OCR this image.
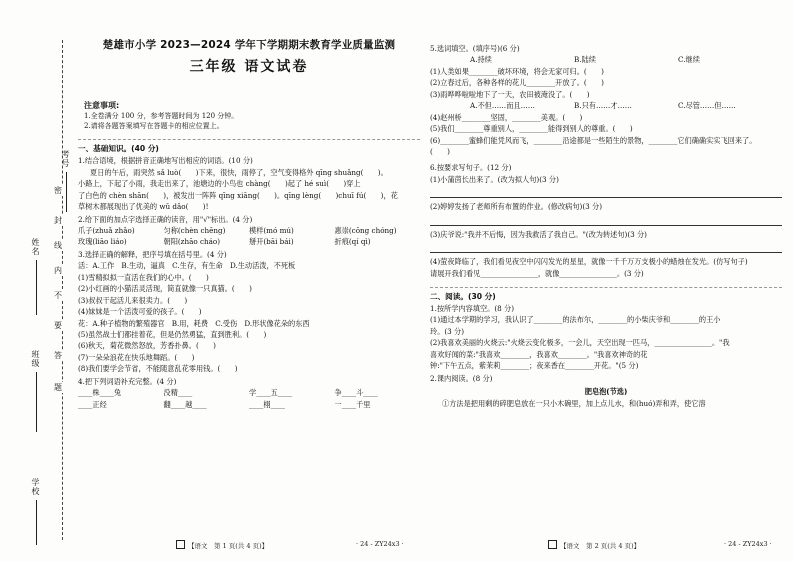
考号
姓名
班级
学校
密
封
线
内
不
要
答
题
楚雄市小学 2023—2024 学年下学期期末教育学业质量监测
三年级 语文试卷
注意事项:
1.全卷满分 100 分，参考答题时间为 120 分钟。
2.请将各题答案填写在答题卡的相应位置上。
一、基础知识。(40 分)
1.结合语境，根据拼音正确地写出相应的词语。(10 分)
夏日的午后，雨突然 sǎ luò(　　)下来，很快，雨停了，空气变得格外 qīng shuǎng(　　)。
小路上，下起了小雨，我走出来了，池塘边的小鸟也 chàng(　　)起了 hé suì(　　)穿上
了白色的 chèn shān(　　)，被发出一阵阵 qīng xiāng(　　)。qīng lèng(　　)chuī fú(　　)，花
草树木都展现出了优美的 wǔ dǎo(　　)!
2.给下面的加点字选择正确的读音，用"√"标出。(4 分)
爪子(zhuǎ zhǎo)	匀称(chèn chēng)	模样(mó mú)	惠崇(cōng chóng)
玫瑰(liāo liáo)	朝阳(zhāo cháo)	掰开(bāi bái)	折痕(qí qì)
3.选择正确的解释，把序号填在括号里。(4 分)
活：A.工作　B.生动，逼真　C.生存，有生命　D.生动活泼，不死板
(1)雪精拟拟一直活在我们的心中。(　　)
(2)小红画的小猫活灵活现，简直就像一只真猫。(　　)
(3)叔叔干起活儿来很卖力。(　　)
(4)妹妹是一个活泼可爱的孩子。(　　)
花：A.种子植物的繁殖器官　B.用，耗费　C.受伤　D.形状像花朵的东西
(5)虽然战士们都挂着花，但是仍然勇猛，直到胜利。(　　)
(6)秋天，菊花微然怒放，芳香扑鼻。(　　)
(7)一朵朵浪花在快乐地舞蹈。(　　)
(8)我们要学会节省，不能随意乱花零用钱。(　　)
4.把下列词语补充完整。(4 分)
____株____兔	没精____	学____五____	争____斗____
____正经	翻____越____	____栩____	一____千里
【语文　第 1 页(共 4 页)】	· 24 - ZY24x3 ·
5.选词填空。(填序号)(6 分)
A.持续	B.陆续	C.继续
(1)人类如果________破坏环境，将会无家可归。(　　)
(2)立春过后，各种各样的花儿________开放了。(　　)
(3)雨哗哗啦啦地下了一天，农田被淹没了。(　　)
A.不但……而且……	B.只有……才……	C.尽管……但……
(4)赵州桥________坚固，________美观。(　　)
(5)我们________尊重别人，________能得到别人的尊重。(　　)
(6)________蜜蜂们能凭风而飞，________沿途都是一些陌生的景物，________它们确确实实飞回来了。
(　　)
6.按要求写句子。(12 分)
(1)小蒲茵长出来了。(改为拟人句)(3 分)
(2)婷婷发扬了老师所有布置的作业。(修改病句)(3 分)
(3)庆爷说:"我并不后悔，因为我救活了我自己。"(改为转述句)(3 分)
(4)萤夜降临了，我们看见夜空中闪闪发光的星星，就像一千千万万支极小的蜡烛在发光。(仿写句子)
请展开我们看见________________，就像________________。(3 分)
二、阅读。(30 分)
1.按所学内容填空。(8 分)
(1)通过本学期的学习，我认识了________的法布尔，________的小柴庆爷和________的王小
玲。(3 分)
(2)我喜欢美丽的火烧云:"火烧云变化极多，一会儿，天空出现一匹马，________________。"我
喜欢好闻的菜:"我喜欢________，我喜欢________。"我喜欢神奇的花
钟:"下午五点，紫茉莉________；夜来香在________开花。"(5 分)
2.课内阅读。(8 分)
肥皂泡(节选)
①方法是把用剩的碎肥皂放在一只小木碗里，加上点儿水，和(huó)弄和弄，使它溶
【语文　第 2 页(共 4 页)】	· 24 - ZY24x3 ·
